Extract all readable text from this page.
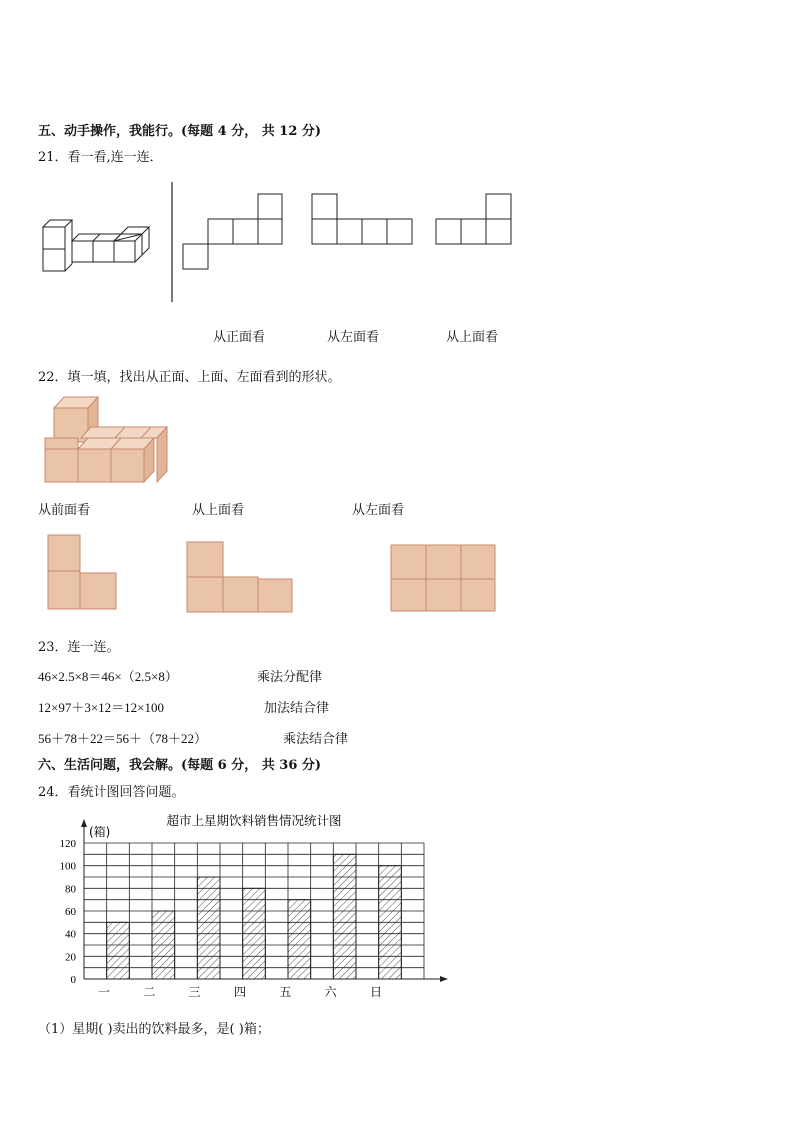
五、动手操作，我能行。(每题 4 分， 共 12 分)
21．看一看,连一连．
从正面看	从左面看	从上面看
22．填一填，找出从正面、上面、左面看到的形状。
从前面看	从上面看	从左面看
23．连一连。
46×2.5×8＝46×（2.5×8）	乘法分配律
12×97＋3×12＝12×100	加法结合律
56＋78＋22＝56＋（78＋22）	乘法结合律
六、生活问题，我会解。(每题 6 分， 共 36 分)
24．看统计图回答问题。
超市上星期饮料销售情况统计图
(箱)
0
20
40
60
80
100
120
一	二	三	四	五	六	日
（1）星期( )卖出的饮料最多，是( )箱；
